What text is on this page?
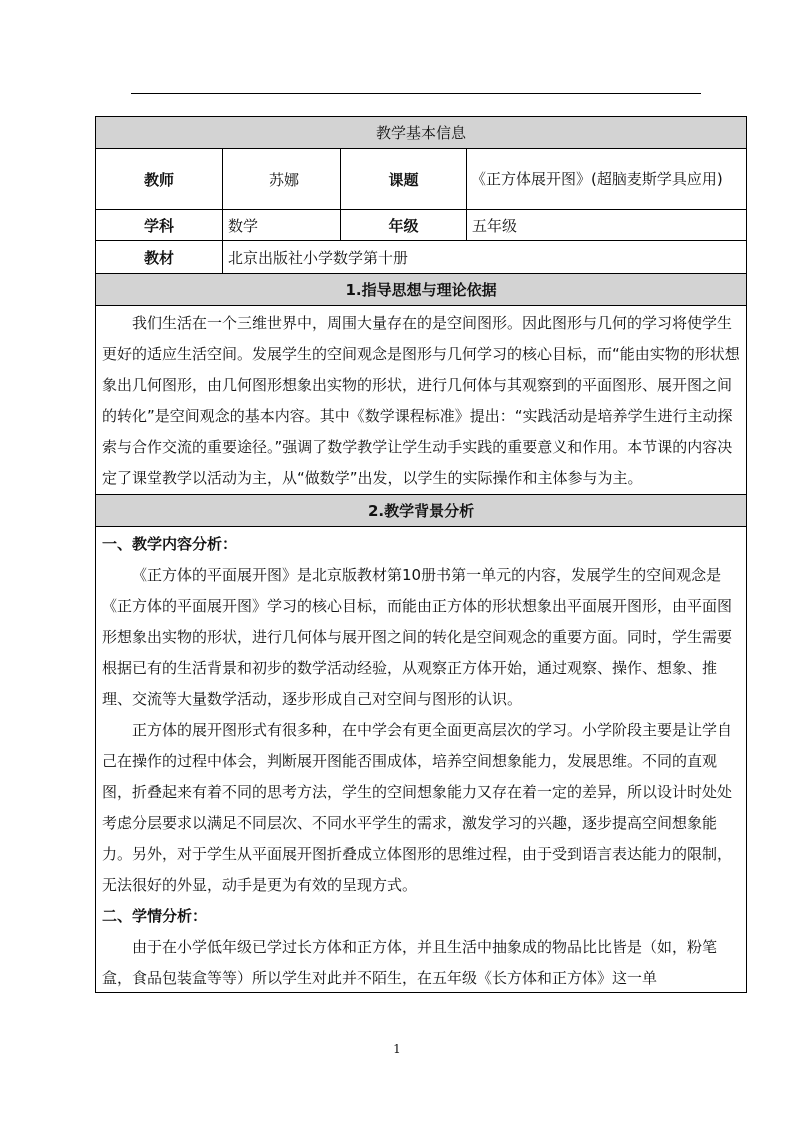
教学基本信息			
教师	苏娜	课题	《正方体展开图》(超脑麦斯学具应用)
学科	数学	年级	五年级
教材	北京出版社小学数学第十册		
1.指导思想与理论依据			

我们生活在一个三维世界中，周围大量存在的是空间图形。因此图形与几何的学习将使学生更好的适应生活空间。发展学生的空间观念是图形与几何学习的核心目标，而“能由实物的形状想象出几何图形，由几何图形想象出实物的形状，进行几何体与其观察到的平面图形、展开图之间的转化”是空间观念的基本内容。其中《数学课程标准》提出：“实践活动是培养学生进行主动探索与合作交流的重要途径。”强调了数学教学让学生动手实践的重要意义和作用。本节课的内容决定了课堂教学以活动为主，从“做数学”出发，以学生的实际操作和主体参与为主。			

2.教学背景分析			

一、教学内容分析：

《正方体的平面展开图》是北京版教材第10册书第一单元的内容，发展学生的空间观念是《正方体的平面展开图》学习的核心目标，而能由正方体的形状想象出平面展开图形，由平面图形想象出实物的形状，进行几何体与展开图之间的转化是空间观念的重要方面。同时，学生需要根据已有的生活背景和初步的数学活动经验，从观察正方体开始，通过观察、操作、想象、推理、交流等大量数学活动，逐步形成自己对空间与图形的认识。

正方体的展开图形式有很多种，在中学会有更全面更高层次的学习。小学阶段主要是让学自己在操作的过程中体会，判断展开图能否围成体，培养空间想象能力，发展思维。不同的直观图，折叠起来有着不同的思考方法，学生的空间想象能力又存在着一定的差异，所以设计时处处考虑分层要求以满足不同层次、不同水平学生的需求，激发学习的兴趣，逐步提高空间想象能力。另外，对于学生从平面展开图折叠成立体图形的思维过程，由于受到语言表达能力的限制，无法很好的外显，动手是更为有效的呈现方式。

二、学情分析：

由于在小学低年级已学过长方体和正方体，并且生活中抽象成的物品比比皆是（如，粉笔盒，食品包装盒等等）所以学生对此并不陌生，在五年级《长方体和正方体》这一单			

1
